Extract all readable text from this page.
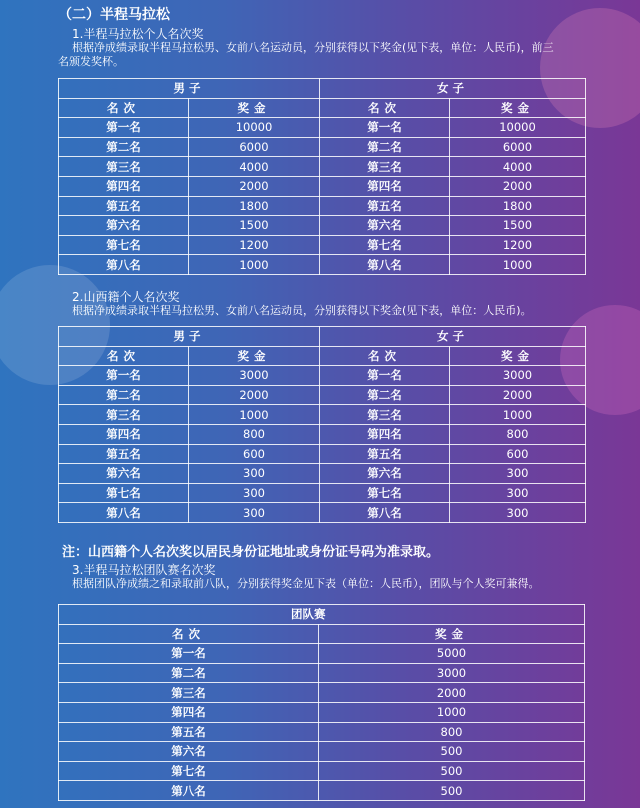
（二）半程马拉松
1.半程马拉松个人名次奖
根据净成绩录取半程马拉松男、女前八名运动员，分别获得以下奖金(见下表，单位：人民币)，前三
名颁发奖杯。
男子		女子	
名次	奖金	名次	奖金
第一名	10000	第一名	10000
第二名	6000	第二名	6000
第三名	4000	第三名	4000
第四名	2000	第四名	2000
第五名	1800	第五名	1800
第六名	1500	第六名	1500
第七名	1200	第七名	1200
第八名	1000	第八名	1000
2.山西籍个人名次奖
根据净成绩录取半程马拉松男、女前八名运动员，分别获得以下奖金(见下表，单位：人民币)。
男子		女子	
名次	奖金	名次	奖金
第一名	3000	第一名	3000
第二名	2000	第二名	2000
第三名	1000	第三名	1000
第四名	800	第四名	800
第五名	600	第五名	600
第六名	300	第六名	300
第七名	300	第七名	300
第八名	300	第八名	300
注：山西籍个人名次奖以居民身份证地址或身份证号码为准录取。
3.半程马拉松团队赛名次奖
根据团队净成绩之和录取前八队，分别获得奖金见下表（单位：人民币），团队与个人奖可兼得。
团队赛	
名次	奖金
第一名	5000
第二名	3000
第三名	2000
第四名	1000
第五名	800
第六名	500
第七名	500
第八名	500
